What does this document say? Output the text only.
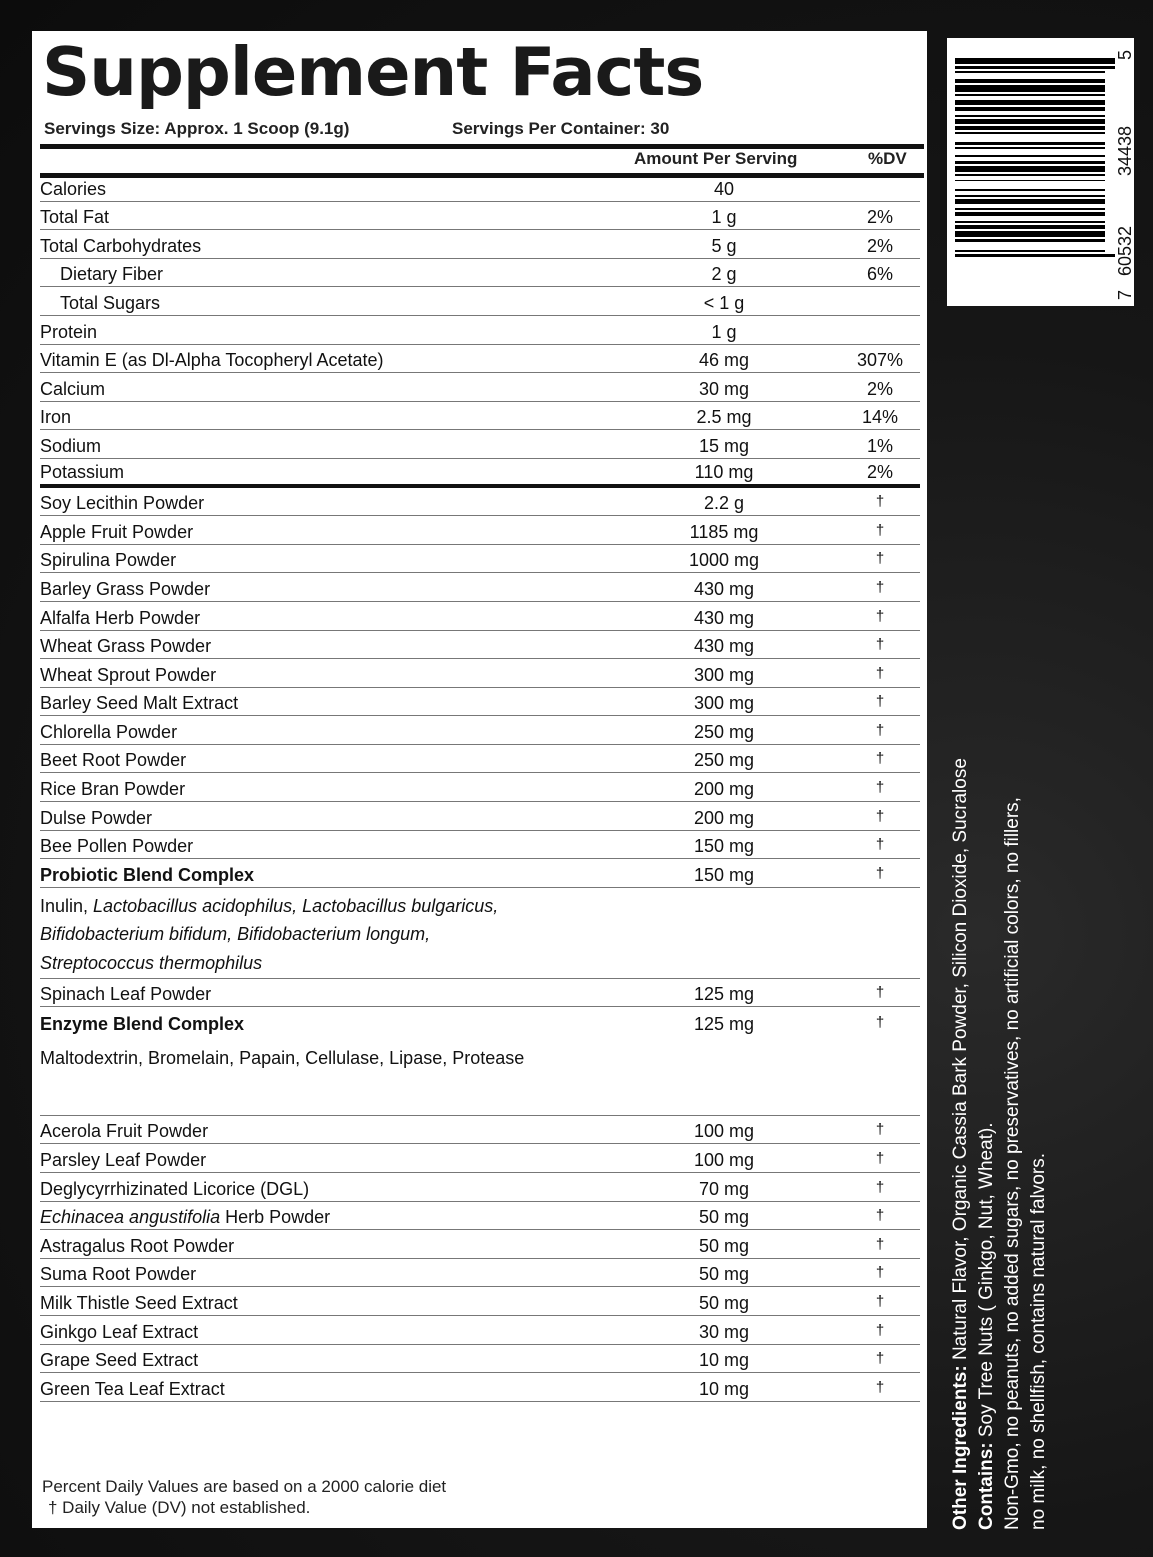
Supplement Facts
Servings Size: Approx. 1 Scoop (9.1g)	Servings Per Container: 30
Amount Per Serving	%DV
Calories	40
Total Fat	1 g	2%
Total Carbohydrates	5 g	2%
Dietary Fiber	2 g	6%
Total Sugars	< 1 g
Protein	1 g
Vitamin E (as Dl-Alpha Tocopheryl Acetate)	46 mg	307%
Calcium	30 mg	2%
Iron	2.5 mg	14%
Sodium	15 mg	1%
Potassium	110 mg	2%
Soy Lecithin Powder	2.2 g	†
Apple Fruit Powder	1185 mg	†
Spirulina Powder	1000 mg	†
Barley Grass Powder	430 mg	†
Alfalfa Herb Powder	430 mg	†
Wheat Grass Powder	430 mg	†
Wheat Sprout Powder	300 mg	†
Barley Seed Malt Extract	300 mg	†
Chlorella Powder	250 mg	†
Beet Root Powder	250 mg	†
Rice Bran Powder	200 mg	†
Dulse Powder	200 mg	†
Bee Pollen Powder	150 mg	†
Probiotic Blend Complex	150 mg	†
Inulin, Lactobacillus acidophilus, Lactobacillus bulgaricus,
Bifidobacterium bifidum, Bifidobacterium longum,
Streptococcus thermophilus
Spinach Leaf Powder	125 mg	†
Enzyme Blend Complex	125 mg	†
Maltodextrin, Bromelain, Papain, Cellulase, Lipase, Protease
Acerola Fruit Powder	100 mg	†
Parsley Leaf Powder	100 mg	†
Deglycyrrhizinated Licorice (DGL)	70 mg	†
Echinacea angustifolia Herb Powder	50 mg	†
Astragalus Root Powder	50 mg	†
Suma Root Powder	50 mg	†
Milk Thistle Seed Extract	50 mg	†
Ginkgo Leaf Extract	30 mg	†
Grape Seed Extract	10 mg	†
Green Tea Leaf Extract	10 mg	†
Percent Daily Values are based on a 2000 calorie diet
† Daily Value (DV) not established.
5
34438
60532
7
Other Ingredients: Natural Flavor, Organic Cassia Bark Powder, Silicon Dioxide, Sucralose
Contains: Soy Tree Nuts ( Ginkgo, Nut, Wheat). Non-Gmo, no peanuts, no added sugars, no preservatives, no artificial colors, no fillers, no milk, no shellfish, contains natural falvors.
